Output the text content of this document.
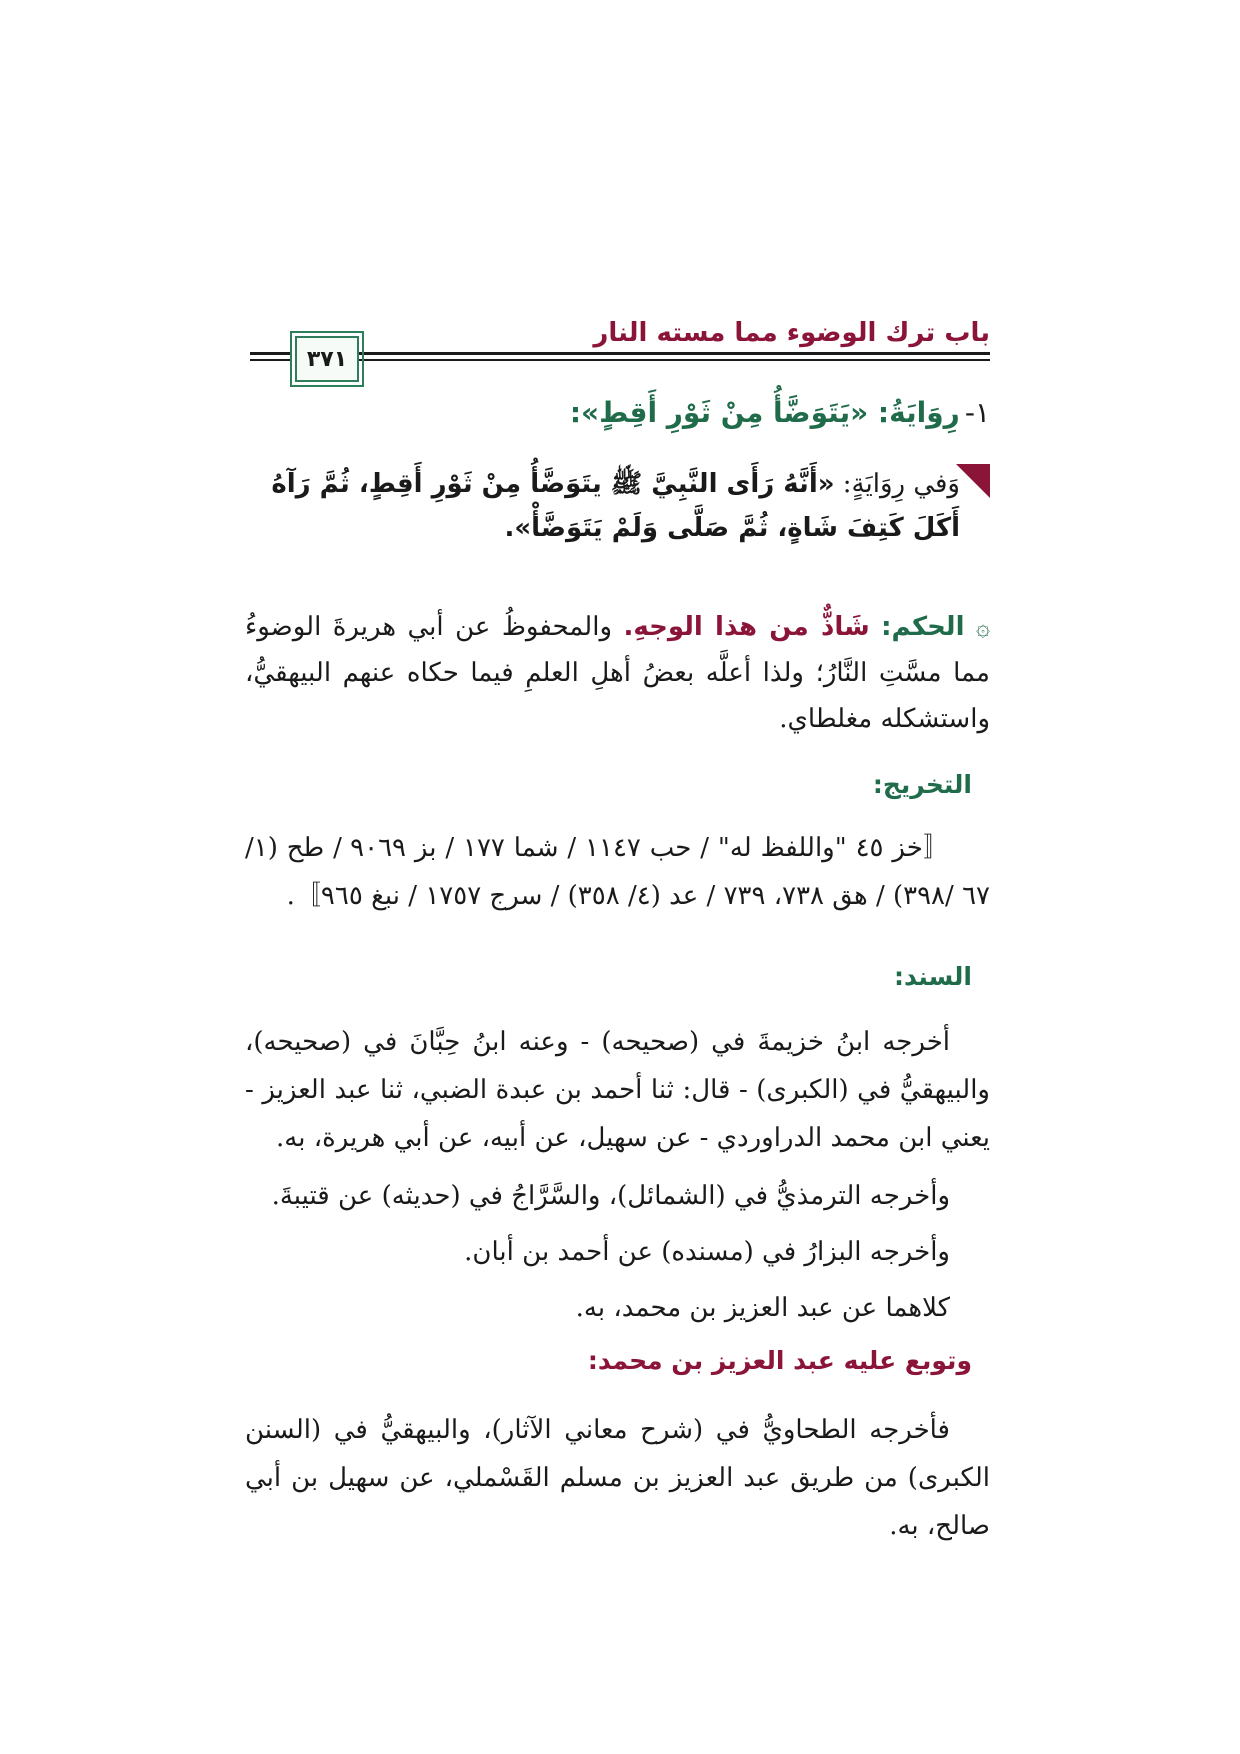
باب ترك الوضوء مما مسته النار
٣٧١
١- رِوَايَةُ: «يَتَوَضَّأُ مِنْ ثَوْرِ أَقِطٍ»:
وَفي رِوَايَةٍ: «أَنَّهُ رَأَى النَّبِيَّ ﷺ يتَوَضَّأُ مِنْ ثَوْرِ أَقِطٍ، ثُمَّ رَآهُ أَكَلَ كَتِفَ شَاةٍ، ثُمَّ صَلَّى وَلَمْ يَتَوَضَّأْ».
۞ الحكم: شَاذٌّ من هذا الوجهِ. والمحفوظُ عن أبي هريرةَ الوضوءُ مما مسَّتِ النَّارُ؛ ولذا أعلَّه بعضُ أهلِ العلمِ فيما حكاه عنهم البيهقيُّ، واستشكله مغلطاي.
التخريج:
〚خز ٤٥ "واللفظ له" / حب ١١٤٧ / شما ١٧٧ / بز ٩٠٦٩ / طح (١/ ٦٧ /٣٩٨) / هق ٧٣٨، ٧٣٩ / عد (٤/ ٣٥٨) / سرج ١٧٥٧ / نبغ ٩٦٥〛.
السند:
أخرجه ابنُ خزيمةَ في (صحيحه) - وعنه ابنُ حِبَّانَ في (صحيحه)، والبيهقيُّ في (الكبرى) - قال: ثنا أحمد بن عبدة الضبي، ثنا عبد العزيز - يعني ابن محمد الدراوردي - عن سهيل، عن أبيه، عن أبي هريرة، به.
وأخرجه الترمذيُّ في (الشمائل)، والسَّرَّاجُ في (حديثه) عن قتيبةَ.
وأخرجه البزارُ في (مسنده) عن أحمد بن أبان.
كلاهما عن عبد العزيز بن محمد، به.
وتوبع عليه عبد العزيز بن محمد:
فأخرجه الطحاويُّ في (شرح معاني الآثار)، والبيهقيُّ في (السنن الكبرى) من طريق عبد العزيز بن مسلم القَسْملي، عن سهيل بن أبي صالح، به.
